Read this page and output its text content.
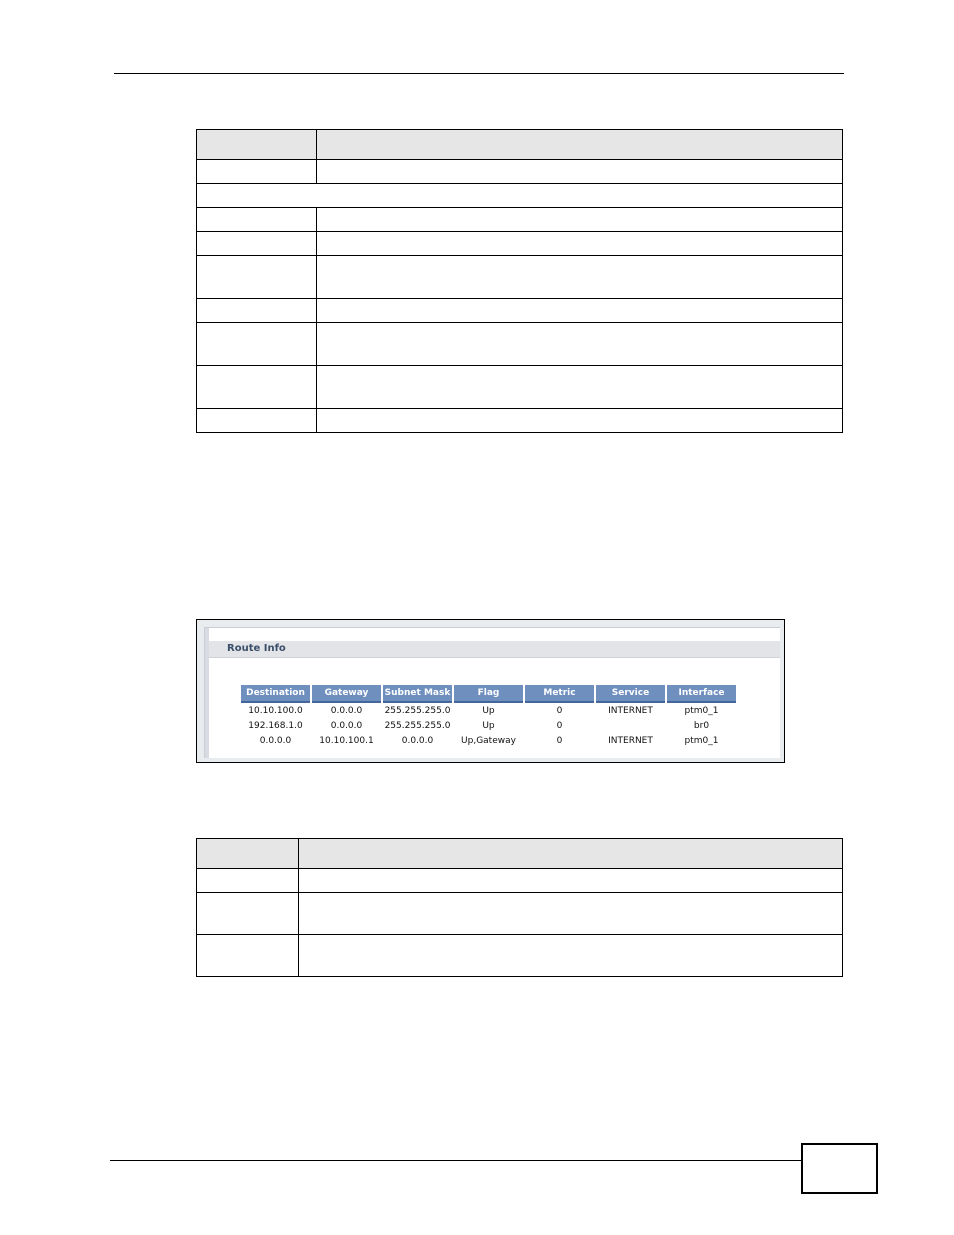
Route Info
Destination	Gateway	Subnet Mask	Flag	Metric	Service	Interface
10.10.100.0	0.0.0.0	255.255.255.0	Up	0	INTERNET	ptm0_1
192.168.1.0	0.0.0.0	255.255.255.0	Up	0		br0
0.0.0.0	10.10.100.1	0.0.0.0	Up,Gateway	0	INTERNET	ptm0_1
